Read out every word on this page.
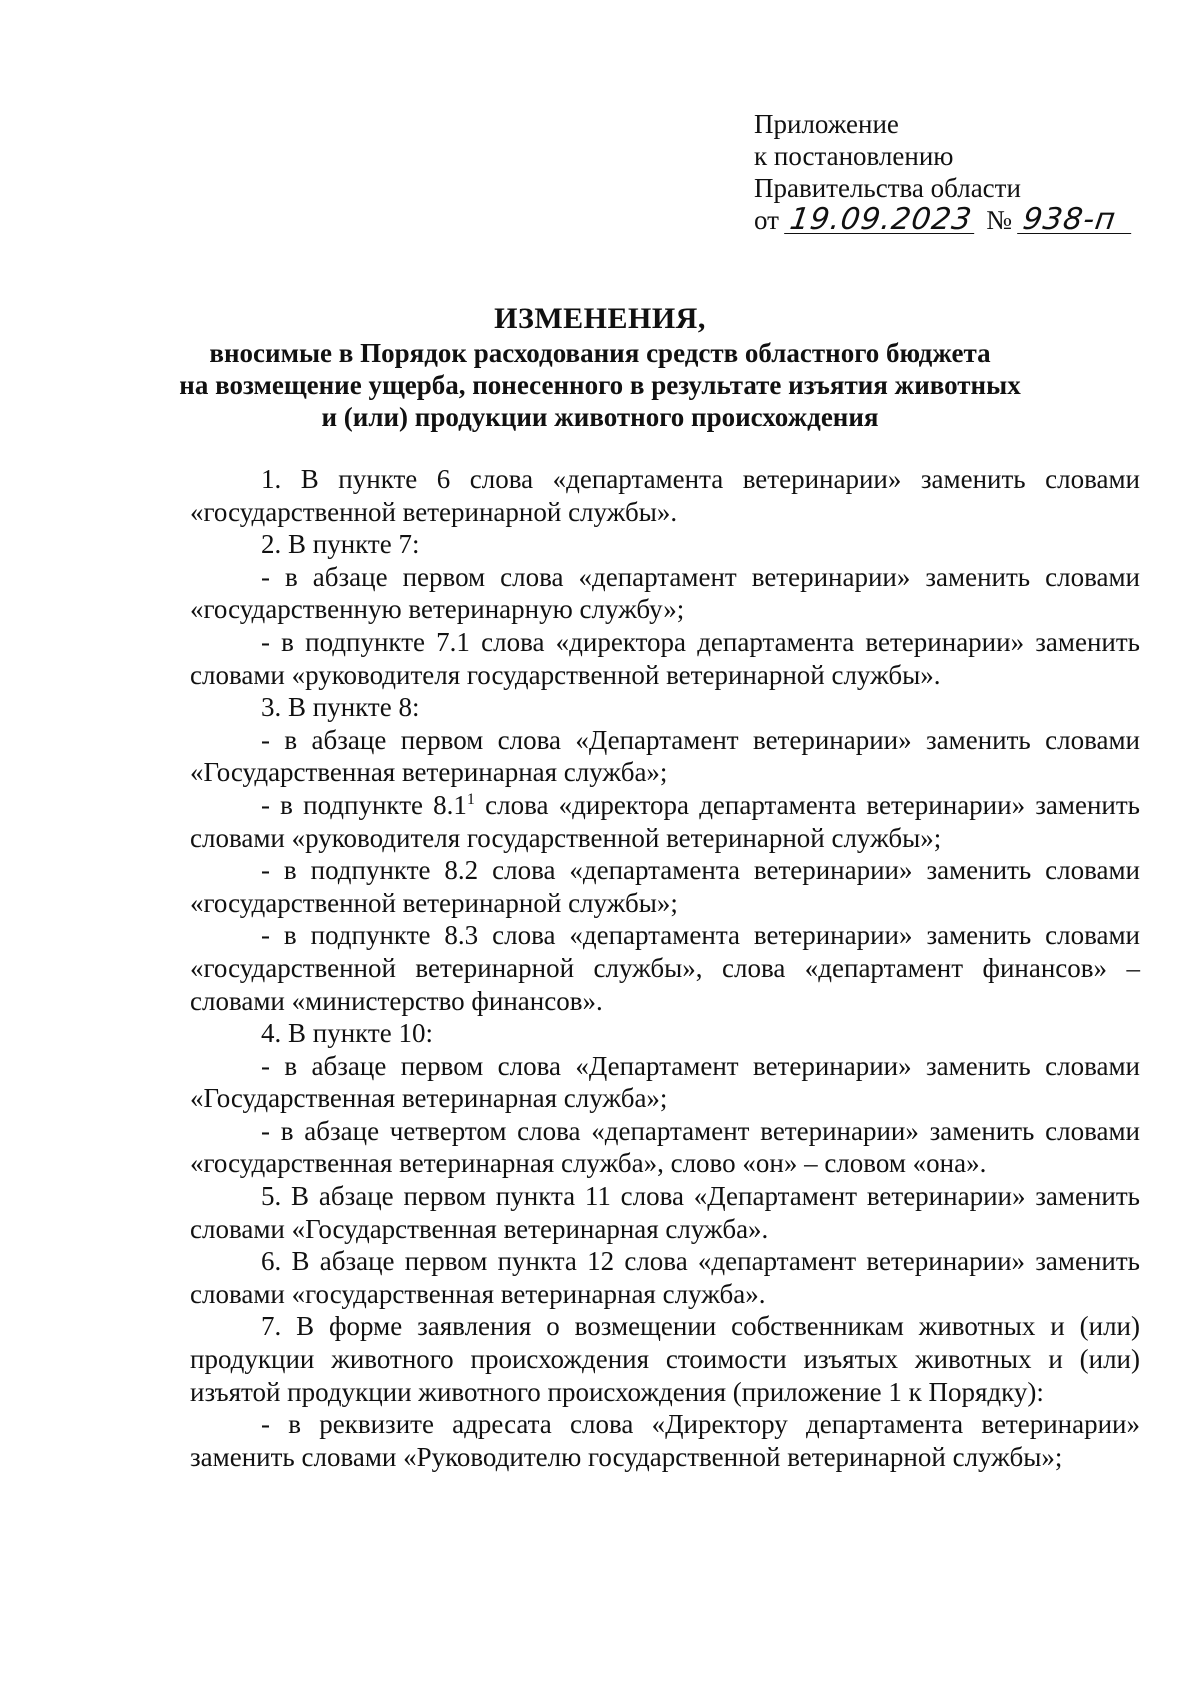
Приложение
к постановлению
Правительства области
от 19.09.2023 № 938-п
ИЗМЕНЕНИЯ,
вносимые в Порядок расходования средств областного бюджета
на возмещение ущерба, понесенного в результате изъятия животных
и (или) продукции животного происхождения

1. В пункте 6 слова «департамента ветеринарии» заменить словами «государственной ветеринарной службы».

2. В пункте 7:

- в абзаце первом слова «департамент ветеринарии» заменить словами «государственную ветеринарную службу»;

- в подпункте 7.1 слова «директора департамента ветеринарии» заменить словами «руководителя государственной ветеринарной службы».

3. В пункте 8:

- в абзаце первом слова «Департамент ветеринарии» заменить словами «Государственная ветеринарная служба»;

- в подпункте $8.1^1$ слова «директора департамента ветеринарии» заменить словами «руководителя государственной ветеринарной службы»;

- в подпункте 8.2 слова «департамента ветеринарии» заменить словами «государственной ветеринарной службы»;

- в подпункте 8.3 слова «департамента ветеринарии» заменить словами «государственной ветеринарной службы», слова «департамент финансов» – словами «министерство финансов».

4. В пункте 10:

- в абзаце первом слова «Департамент ветеринарии» заменить словами «Государственная ветеринарная служба»;

- в абзаце четвертом слова «департамент ветеринарии» заменить словами «государственная ветеринарная служба», слово «он» – словом «она».

5. В абзаце первом пункта 11 слова «Департамент ветеринарии» заменить словами «Государственная ветеринарная служба».

6. В абзаце первом пункта 12 слова «департамент ветеринарии» заменить словами «государственная ветеринарная служба».

7. В форме заявления о возмещении собственникам животных и (или) продукции животного происхождения стоимости изъятых животных и (или) изъятой продукции животного происхождения (приложение 1 к Порядку):

- в реквизите адресата слова «Директору департамента ветеринарии» заменить словами «Руководителю государственной ветеринарной службы»;
